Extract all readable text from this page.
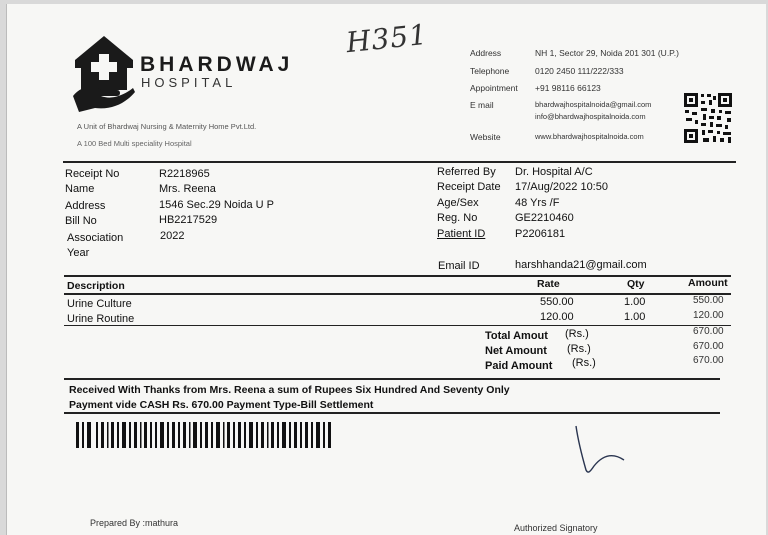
BHARDWAJ
HOSPITAL
A Unit of Bhardwaj Nursing & Maternity Home Pvt.Ltd.
A 100 Bed Multi speciality Hospital
H351	Address	NH 1, Sector 29, Noida 201 301 (U.P.)
Telephone	0120 2450 111/222/333
Appointment +91 98116 66123
E mail	bhardwajhospitalnoida@gmail.com
info@bhardwajhospitalnoida.com
Website	www.bhardwajhospitalnoida.com
Receipt No	R2218965
Name	Mrs. Reena
Address	1546 Sec.29 Noida U P
Bill No	HB2217529
Association	2022
Year
Referred By Dr. Hospital A/C
Receipt Date 17/Aug/2022 10:50
Age/Sex	48 Yrs /F
Reg. No	GE2210460
Patient ID	P2206181
Email ID	harshhanda21@gmail.com
Description	Rate	Qty	Amount
Urine Culture	550.00	1.00	550.00
Urine Routine	120.00	1.00	120.00
Total Amout (Rs.)	670.00
Net Amount (Rs.)	670.00
Paid Amount (Rs.)	670.00
Received With Thanks from Mrs. Reena a sum of Rupees Six Hundred And Seventy Only
Payment vide CASH Rs. 670.00 Payment Type-Bill Settlement
Prepared By :mathura	Authorized Signatory
